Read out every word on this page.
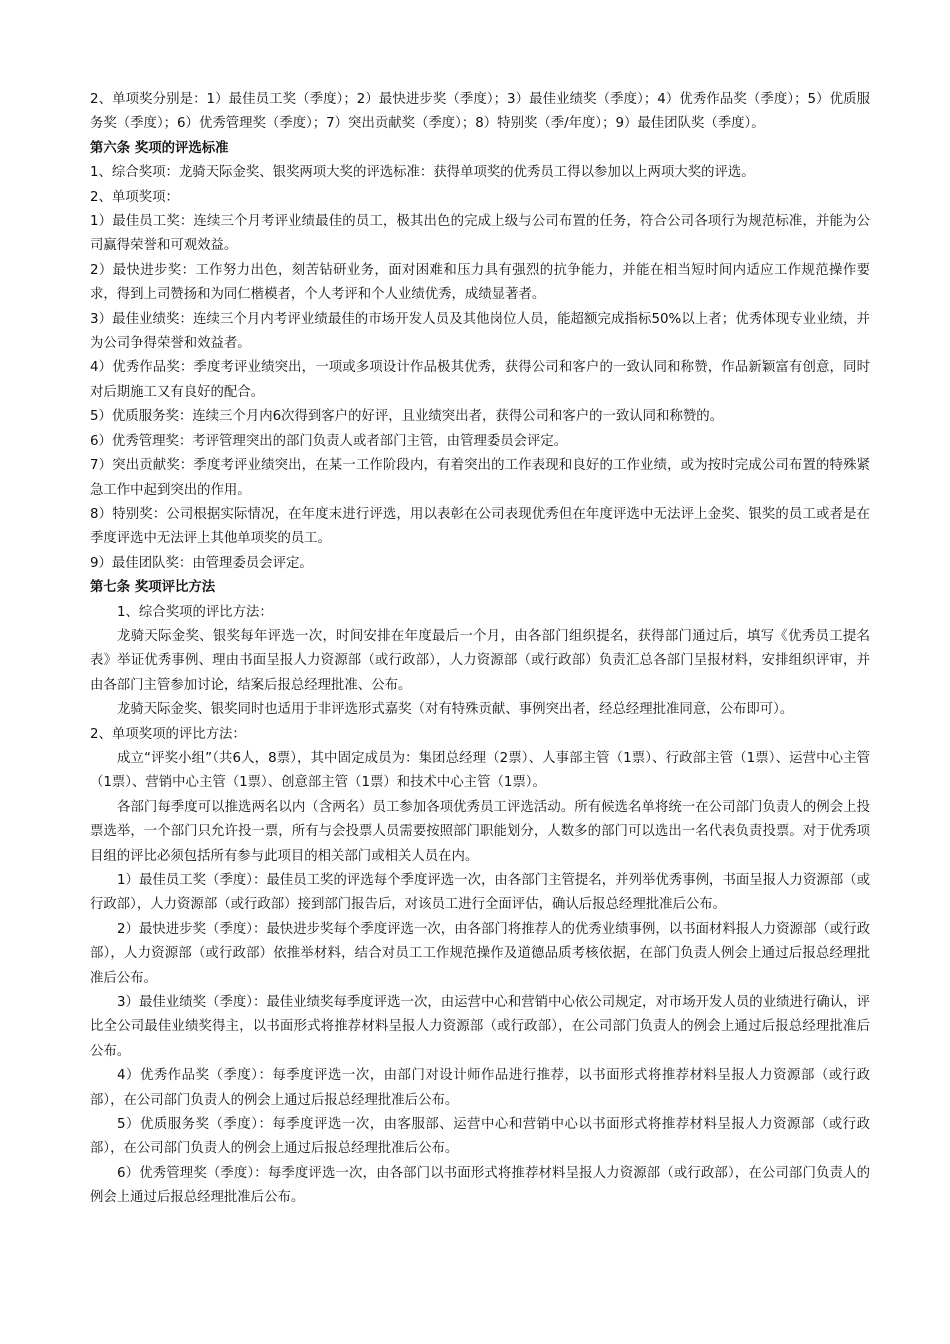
2、单项奖分别是：1）最佳员工奖（季度）；2）最快进步奖（季度）；3）最佳业绩奖（季度）；4）优秀作品奖（季度）；5）优质服务奖（季度）；6）优秀管理奖（季度）；7）突出贡献奖（季度）；8）特别奖（季/年度）；9）最佳团队奖（季度）。

第六条 奖项的评选标准

1、综合奖项：龙骑天际金奖、银奖两项大奖的评选标准：获得单项奖的优秀员工得以参加以上两项大奖的评选。

2、单项奖项：

1）最佳员工奖：连续三个月考评业绩最佳的员工，极其出色的完成上级与公司布置的任务，符合公司各项行为规范标准，并能为公司赢得荣誉和可观效益。

2）最快进步奖：工作努力出色，刻苦钻研业务，面对困难和压力具有强烈的抗争能力，并能在相当短时间内适应工作规范操作要求，得到上司赞扬和为同仁楷模者，个人考评和个人业绩优秀，成绩显著者。

3）最佳业绩奖：连续三个月内考评业绩最佳的市场开发人员及其他岗位人员，能超额完成指标50%以上者；优秀体现专业业绩，并为公司争得荣誉和效益者。

4）优秀作品奖：季度考评业绩突出，一项或多项设计作品极其优秀，获得公司和客户的一致认同和称赞，作品新颖富有创意，同时对后期施工又有良好的配合。

5）优质服务奖：连续三个月内6次得到客户的好评，且业绩突出者，获得公司和客户的一致认同和称赞的。

6）优秀管理奖：考评管理突出的部门负责人或者部门主管，由管理委员会评定。

7）突出贡献奖：季度考评业绩突出，在某一工作阶段内，有着突出的工作表现和良好的工作业绩，或为按时完成公司布置的特殊紧急工作中起到突出的作用。

8）特别奖：公司根据实际情况，在年度末进行评选，用以表彰在公司表现优秀但在年度评选中无法评上金奖、银奖的员工或者是在季度评选中无法评上其他单项奖的员工。

9）最佳团队奖：由管理委员会评定。

第七条 奖项评比方法

1、综合奖项的评比方法：

龙骑天际金奖、银奖每年评选一次，时间安排在年度最后一个月，由各部门组织提名，获得部门通过后，填写《优秀员工提名表》举证优秀事例、理由书面呈报人力资源部（或行政部），人力资源部（或行政部）负责汇总各部门呈报材料，安排组织评审，并由各部门主管参加讨论，结案后报总经理批准、公布。

龙骑天际金奖、银奖同时也适用于非评选形式嘉奖（对有特殊贡献、事例突出者，经总经理批准同意，公布即可）。

2、单项奖项的评比方法：

成立“评奖小组”（共6人，8票），其中固定成员为：集团总经理（2票）、人事部主管（1票）、行政部主管（1票）、运营中心主管（1票）、营销中心主管（1票）、创意部主管（1票）和技术中心主管（1票）。

各部门每季度可以推选两名以内（含两名）员工参加各项优秀员工评选活动。所有候选名单将统一在公司部门负责人的例会上投票选举，一个部门只允许投一票，所有与会投票人员需要按照部门职能划分，人数多的部门可以选出一名代表负责投票。对于优秀项目组的评比必须包括所有参与此项目的相关部门或相关人员在内。

1）最佳员工奖（季度）：最佳员工奖的评选每个季度评选一次，由各部门主管提名，并列举优秀事例，书面呈报人力资源部（或行政部），人力资源部（或行政部）接到部门报告后，对该员工进行全面评估，确认后报总经理批准后公布。

2）最快进步奖（季度）：最快进步奖每个季度评选一次，由各部门将推荐人的优秀业绩事例，以书面材料报人力资源部（或行政部），人力资源部（或行政部）依推举材料，结合对员工工作规范操作及道德品质考核依据，在部门负责人例会上通过后报总经理批准后公布。

3）最佳业绩奖（季度）：最佳业绩奖每季度评选一次，由运营中心和营销中心依公司规定，对市场开发人员的业绩进行确认，评比全公司最佳业绩奖得主，以书面形式将推荐材料呈报人力资源部（或行政部），在公司部门负责人的例会上通过后报总经理批准后公布。

4）优秀作品奖（季度）：每季度评选一次，由部门对设计师作品进行推荐，以书面形式将推荐材料呈报人力资源部（或行政部），在公司部门负责人的例会上通过后报总经理批准后公布。

5）优质服务奖（季度）：每季度评选一次，由客服部、运营中心和营销中心以书面形式将推荐材料呈报人力资源部（或行政部），在公司部门负责人的例会上通过后报总经理批准后公布。

6）优秀管理奖（季度）：每季度评选一次，由各部门以书面形式将推荐材料呈报人力资源部（或行政部），在公司部门负责人的例会上通过后报总经理批准后公布。
